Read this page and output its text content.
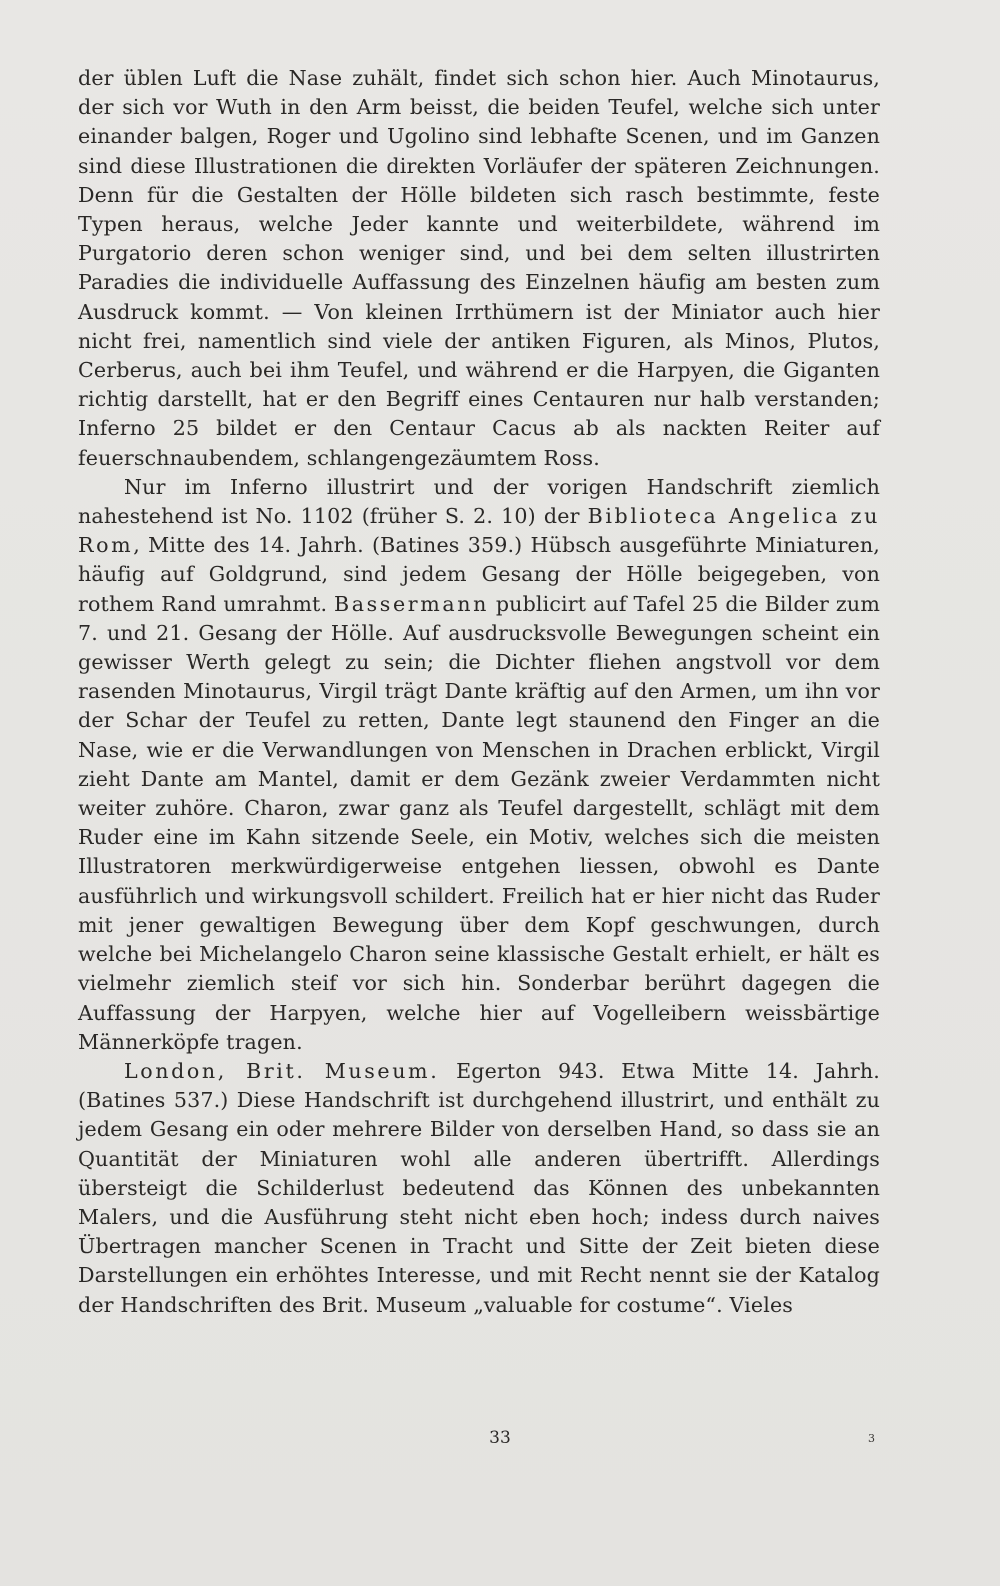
der üblen Luft die Nase zuhält, findet sich schon hier. Auch Minotaurus, der sich vor Wuth in den Arm beisst, die beiden Teufel, welche sich unter einander balgen, Roger und Ugolino sind lebhafte Scenen, und im Ganzen sind diese Illustrationen die direkten Vorläufer der späteren Zeichnungen. Denn für die Gestalten der Hölle bildeten sich rasch bestimmte, feste Typen heraus, welche Jeder kannte und weiterbildete, während im Purgatorio deren schon weniger sind, und bei dem selten illustrirten Paradies die individuelle Auffassung des Einzelnen häufig am besten zum Ausdruck kommt. — Von kleinen Irrthümern ist der Miniator auch hier nicht frei, namentlich sind viele der antiken Figuren, als Minos, Plutos, Cerberus, auch bei ihm Teufel, und während er die Harpyen, die Giganten richtig darstellt, hat er den Begriff eines Centauren nur halb verstanden; Inferno 25 bildet er den Centaur Cacus ab als nackten Reiter auf feuerschnaubendem, schlangengezäumtem Ross.

Nur im Inferno illustrirt und der vorigen Handschrift ziemlich nahestehend ist No. 1102 (früher S. 2. 10) der Biblioteca Angelica zu Rom, Mitte des 14. Jahrh. (Batines 359.) Hübsch ausgeführte Miniaturen, häufig auf Goldgrund, sind jedem Gesang der Hölle beigegeben, von rothem Rand umrahmt. Bassermann publicirt auf Tafel 25 die Bilder zum 7. und 21. Gesang der Hölle. Auf ausdrucksvolle Bewegungen scheint ein gewisser Werth gelegt zu sein; die Dichter fliehen angstvoll vor dem rasenden Minotaurus, Virgil trägt Dante kräftig auf den Armen, um ihn vor der Schar der Teufel zu retten, Dante legt staunend den Finger an die Nase, wie er die Verwandlungen von Menschen in Drachen erblickt, Virgil zieht Dante am Mantel, damit er dem Gezänk zweier Verdammten nicht weiter zuhöre. Charon, zwar ganz als Teufel dargestellt, schlägt mit dem Ruder eine im Kahn sitzende Seele, ein Motiv, welches sich die meisten Illustratoren merkwürdigerweise entgehen liessen, obwohl es Dante ausführlich und wirkungsvoll schildert. Freilich hat er hier nicht das Ruder mit jener gewaltigen Bewegung über dem Kopf geschwungen, durch welche bei Michelangelo Charon seine klassische Gestalt erhielt, er hält es vielmehr ziemlich steif vor sich hin. Sonderbar berührt dagegen die Auffassung der Harpyen, welche hier auf Vogelleibern weissbärtige Männerköpfe tragen.

London, Brit. Museum. Egerton 943. Etwa Mitte 14. Jahrh. (Batines 537.) Diese Handschrift ist durchgehend illustrirt, und enthält zu jedem Gesang ein oder mehrere Bilder von derselben Hand, so dass sie an Quantität der Miniaturen wohl alle anderen übertrifft. Allerdings übersteigt die Schilderlust bedeutend das Können des unbekannten Malers, und die Ausführung steht nicht eben hoch; indess durch naives Übertragen mancher Scenen in Tracht und Sitte der Zeit bieten diese Darstellungen ein erhöhtes Interesse, und mit Recht nennt sie der Katalog der Handschriften des Brit. Museum „valuable for costume“. Vieles

33	3
